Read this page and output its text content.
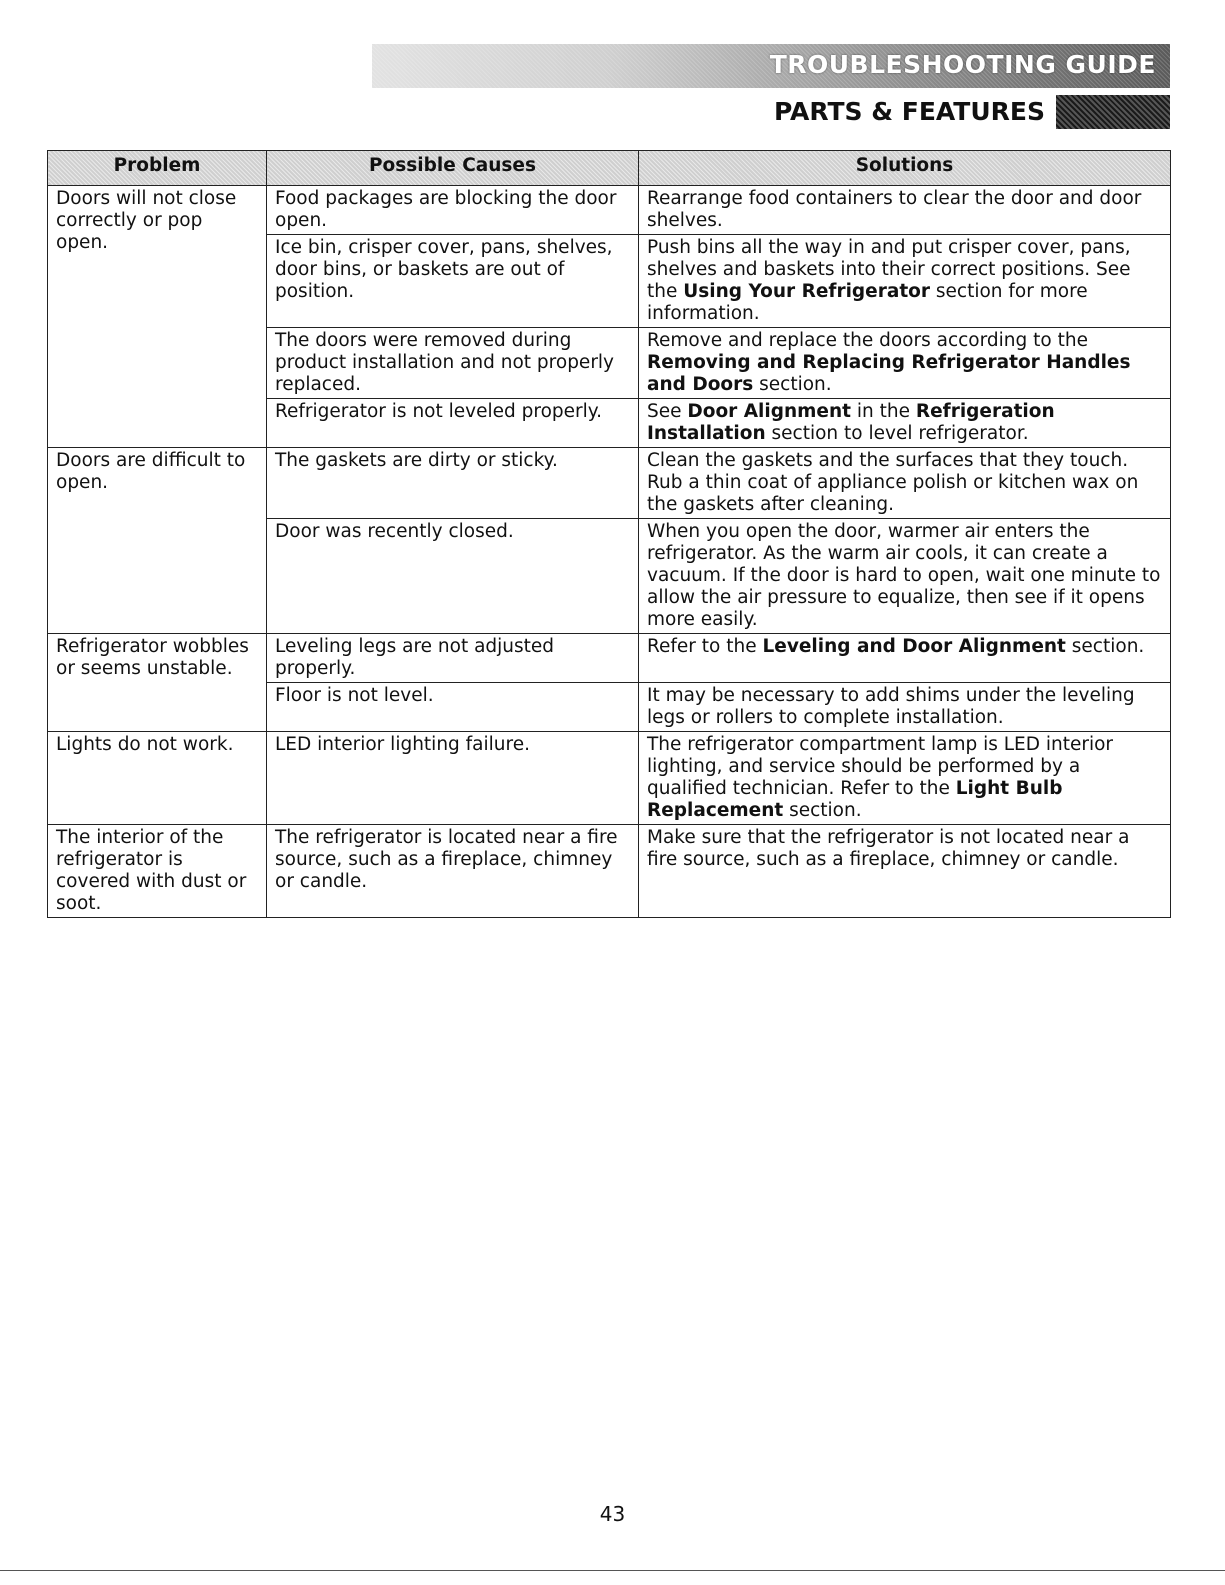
TROUBLESHOOTING GUIDE
PARTS & FEATURES
Problem	Possible Causes	Solutions
Doors will not close correctly or pop open.	Food packages are blocking the door open.	Rearrange food containers to clear the door and door shelves.
	Ice bin, crisper cover, pans, shelves, door bins, or baskets are out of position.	Push bins all the way in and put crisper cover, pans, shelves and baskets into their correct positions. See the Using Your Refrigerator section for more information.
	The doors were removed during product installation and not properly replaced.	Remove and replace the doors according to the Removing and Replacing Refrigerator Handles and Doors section.
	Refrigerator is not leveled properly.	See Door Alignment in the Refrigeration Installation section to level refrigerator.
Doors are difficult to open.	The gaskets are dirty or sticky.	Clean the gaskets and the surfaces that they touch. Rub a thin coat of appliance polish or kitchen wax on the gaskets after cleaning.
	Door was recently closed.	When you open the door, warmer air enters the refrigerator. As the warm air cools, it can create a vacuum. If the door is hard to open, wait one minute to allow the air pressure to equalize, then see if it opens more easily.
Refrigerator wobbles or seems unstable.	Leveling legs are not adjusted properly.	Refer to the Leveling and Door Alignment section.
	Floor is not level.	It may be necessary to add shims under the leveling legs or rollers to complete installation.
Lights do not work.	LED interior lighting failure.	The refrigerator compartment lamp is LED interior lighting, and service should be performed by a qualified technician. Refer to the Light Bulb Replacement section.
The interior of the refrigerator is covered with dust or soot.	The refrigerator is located near a fire source, such as a fireplace, chimney or candle.	Make sure that the refrigerator is not located near a fire source, such as a fireplace, chimney or candle.
43
